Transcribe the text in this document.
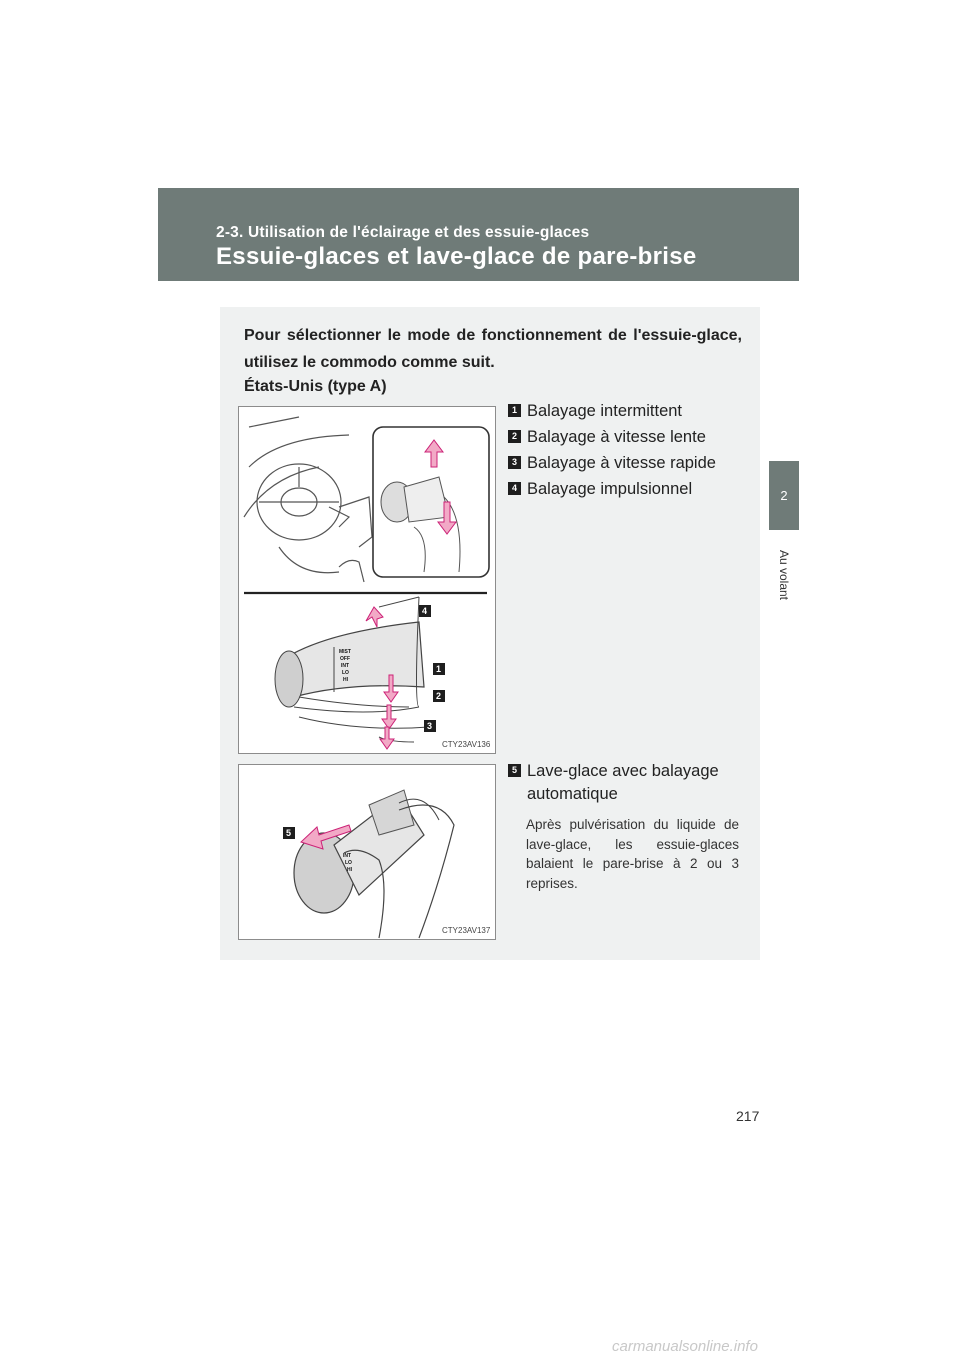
2-3. Utilisation de l'éclairage et des essuie-glaces
Essuie-glaces et lave-glace de pare-brise
2
Au volant
Pour sélectionner le mode de fonctionnement de l'essuie-glace, utilisez le commodo comme suit.
États-Unis (type A)
MIST
OFF
INT
LO
HI
4
1
2
3
CTY23AV136
1 Balayage intermittent
2 Balayage à vitesse lente
3 Balayage à vitesse rapide
4 Balayage impulsionnel
INT
LO
HI
5
CTY23AV137
5 Lave-glace avec balayage
automatique
Après pulvérisation du liquide de lave-glace, les essuie-glaces balaient le pare-brise à 2 ou 3 reprises.
217
carmanualsonline.info
